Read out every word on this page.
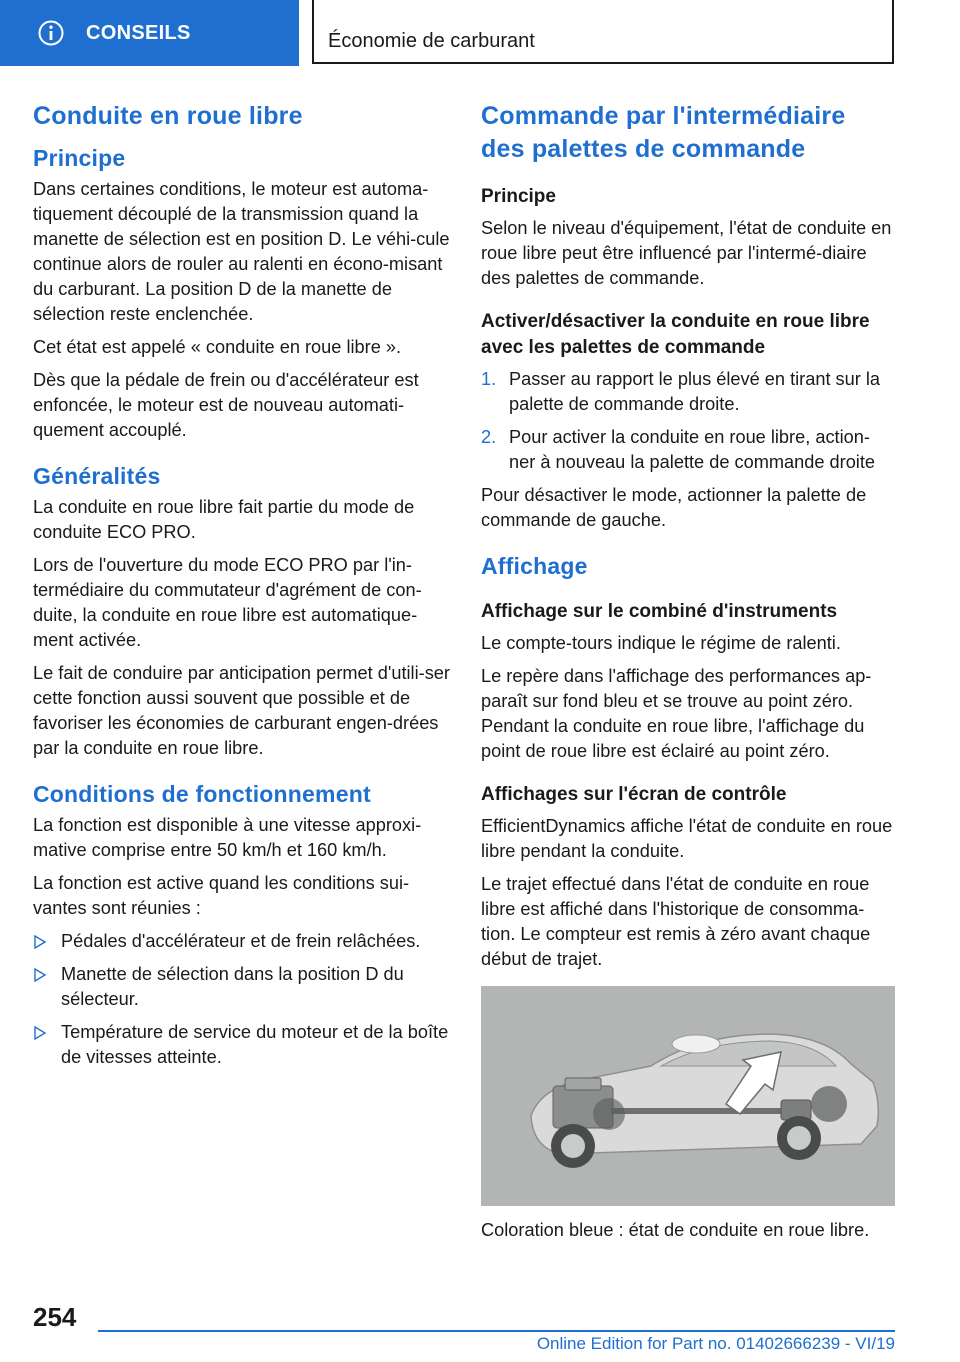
CONSEILS	Économie de carburant
Conduite en roue libre
Principe

Dans certaines conditions, le moteur est automa-tiquement découplé de la transmission quand la manette de sélection est en position D. Le véhi-cule continue alors de rouler au ralenti en écono-misant du carburant. La position D de la manette de sélection reste enclenchée.

Cet état est appelé « conduite en roue libre ».

Dès que la pédale de frein ou d'accélérateur est enfoncée, le moteur est de nouveau automati-quement accouplé.

Généralités

La conduite en roue libre fait partie du mode de conduite ECO PRO.

Lors de l'ouverture du mode ECO PRO par l'in-termédiaire du commutateur d'agrément de con-duite, la conduite en roue libre est automatique-ment activée.

Le fait de conduire par anticipation permet d'utili-ser cette fonction aussi souvent que possible et de favoriser les économies de carburant engen-drées par la conduite en roue libre.

Conditions de fonctionnement

La fonction est disponible à une vitesse approxi-mative comprise entre 50 km/h et 160 km/h.

La fonction est active quand les conditions sui-vantes sont réunies :

Pédales d'accélérateur et de frein relâchées.
Manette de sélection dans la position D du sélecteur.
Température de service du moteur et de la boîte de vitesses atteinte.
Commande par l'intermédiaire des palettes de commande
Principe

Selon le niveau d'équipement, l'état de conduite en roue libre peut être influencé par l'intermé-diaire des palettes de commande.

Activer/désactiver la conduite en roue libre avec les palettes de commande
1. Passer au rapport le plus élevé en tirant sur la palette de commande droite.
2. Pour activer la conduite en roue libre, action-ner à nouveau la palette de commande droite

Pour désactiver le mode, actionner la palette de commande de gauche.

Affichage
Affichage sur le combiné d'instruments

Le compte-tours indique le régime de ralenti.

Le repère dans l'affichage des performances ap-paraît sur fond bleu et se trouve au point zéro. Pendant la conduite en roue libre, l'affichage du point de roue libre est éclairé au point zéro.

Affichages sur l'écran de contrôle

EfficientDynamics affiche l'état de conduite en roue libre pendant la conduite.

Le trajet effectué dans l'état de conduite en roue libre est affiché dans l'historique de consomma-tion. Le compteur est remis à zéro avant chaque début de trajet.

Coloration bleue : état de conduite en roue libre.

254
Online Edition for Part no. 01402666239 - VI/19
